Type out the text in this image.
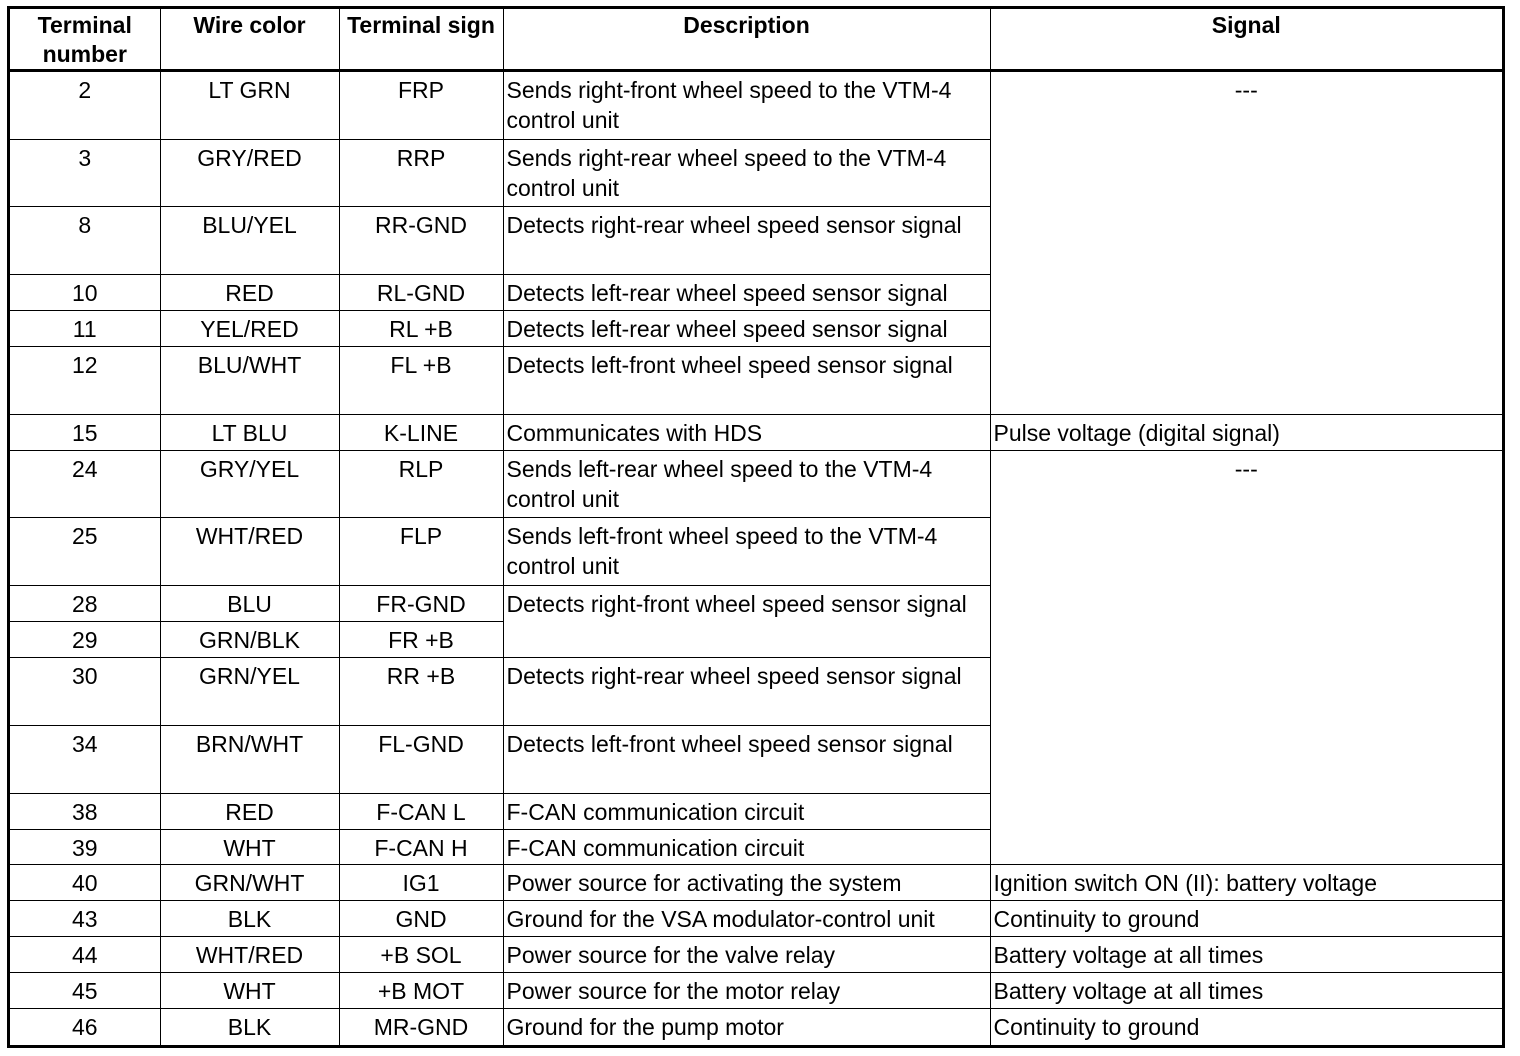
Terminal number	Wire color	Terminal sign	Description	Signal
2	LT GRN	FRP	Sends right-front wheel speed to the VTM-4 control unit	---
3	GRY/RED	RRP	Sends right-rear wheel speed to the VTM-4 control unit	
8	BLU/YEL	RR-GND	Detects right-rear wheel speed sensor signal	
10	RED	RL-GND	Detects left-rear wheel speed sensor signal	
11	YEL/RED	RL +B	Detects left-rear wheel speed sensor signal	
12	BLU/WHT	FL +B	Detects left-front wheel speed sensor signal	
15	LT BLU	K-LINE	Communicates with HDS	Pulse voltage (digital signal)
24	GRY/YEL	RLP	Sends left-rear wheel speed to the VTM-4 control unit	---
25	WHT/RED	FLP	Sends left-front wheel speed to the VTM-4 control unit	
28	BLU	FR-GND	Detects right-front wheel speed sensor signal	
29	GRN/BLK	FR +B		
30	GRN/YEL	RR +B	Detects right-rear wheel speed sensor signal	
34	BRN/WHT	FL-GND	Detects left-front wheel speed sensor signal	
38	RED	F-CAN L	F-CAN communication circuit	
39	WHT	F-CAN H	F-CAN communication circuit	
40	GRN/WHT	IG1	Power source for activating the system	Ignition switch ON (II): battery voltage
43	BLK	GND	Ground for the VSA modulator-control unit	Continuity to ground
44	WHT/RED	+B SOL	Power source for the valve relay	Battery voltage at all times
45	WHT	+B MOT	Power source for the motor relay	Battery voltage at all times
46	BLK	MR-GND	Ground for the pump motor	Continuity to ground
